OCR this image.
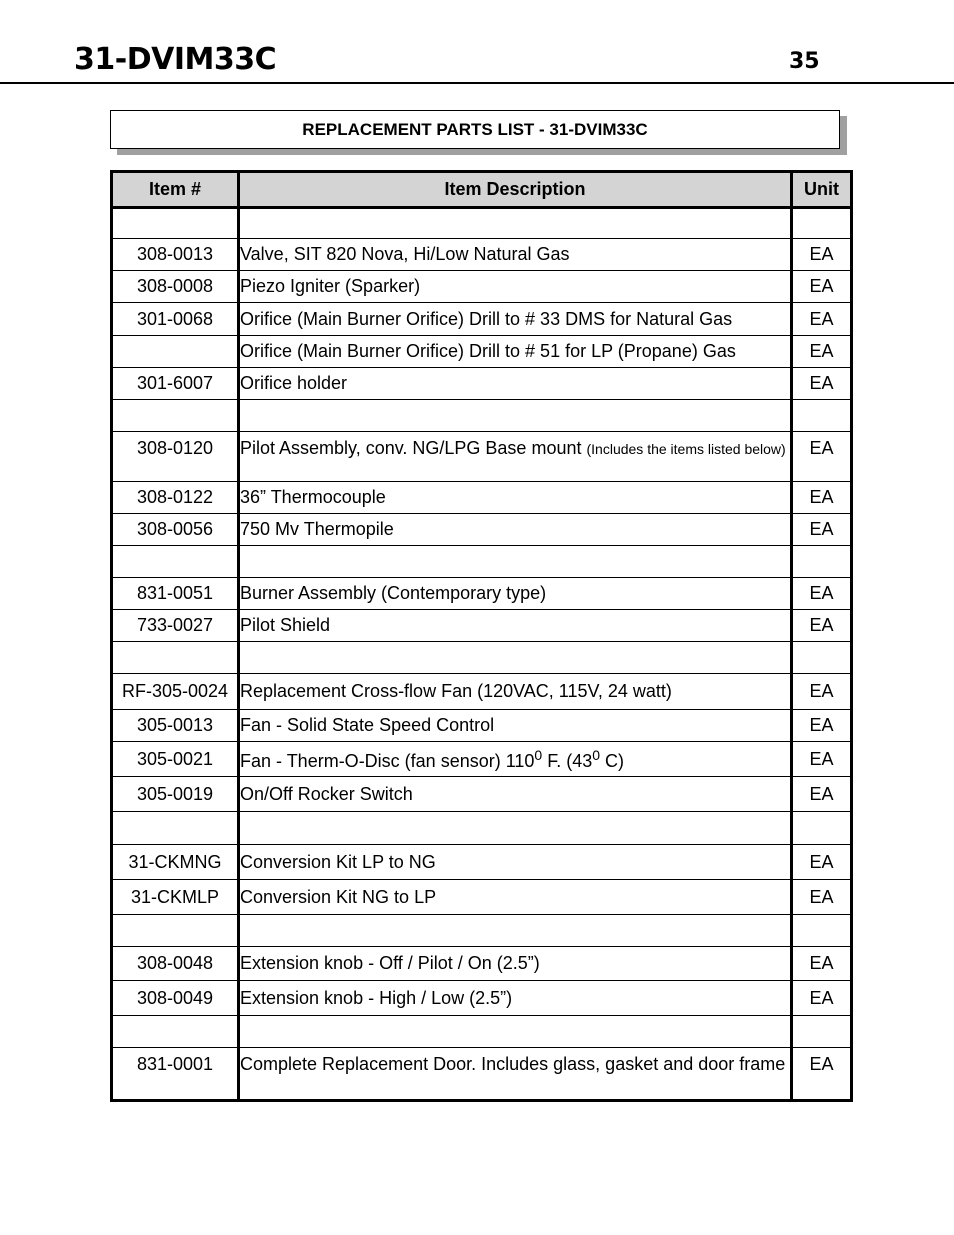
31-DVIM33C	35
REPLACEMENT PARTS LIST - 31-DVIM33C
Item #	Item Description	Unit

308-0013	Valve, SIT 820 Nova, Hi/Low Natural Gas	EA
308-0008	Piezo Igniter (Sparker)	EA
301-0068	Orifice (Main Burner Orifice) Drill to # 33 DMS for Natural Gas	EA
	Orifice (Main Burner Orifice) Drill to # 51 for LP (Propane) Gas	EA
301-6007	Orifice holder	EA

308-0120	Pilot Assembly, conv. NG/LPG Base mount (Includes the items listed below)	EA
308-0122	36” Thermocouple	EA
308-0056	750 Mv Thermopile	EA

831-0051	Burner Assembly (Contemporary type)	EA
733-0027	Pilot Shield	EA

RF-305-0024	Replacement Cross-flow Fan (120VAC, 115V, 24 watt)	EA
305-0013	Fan - Solid State Speed Control	EA
305-0021	Fan - Therm-O-Disc (fan sensor) $110^0$ F. ($43^0$ C)	EA
305-0019	On/Off Rocker Switch	EA

31-CKMNG	Conversion Kit LP to NG	EA
31-CKMLP	Conversion Kit NG to LP	EA

308-0048	Extension knob - Off / Pilot / On (2.5”)	EA
308-0049	Extension knob - High / Low (2.5”)	EA

831-0001	Complete Replacement Door. Includes glass, gasket and door frame	EA
